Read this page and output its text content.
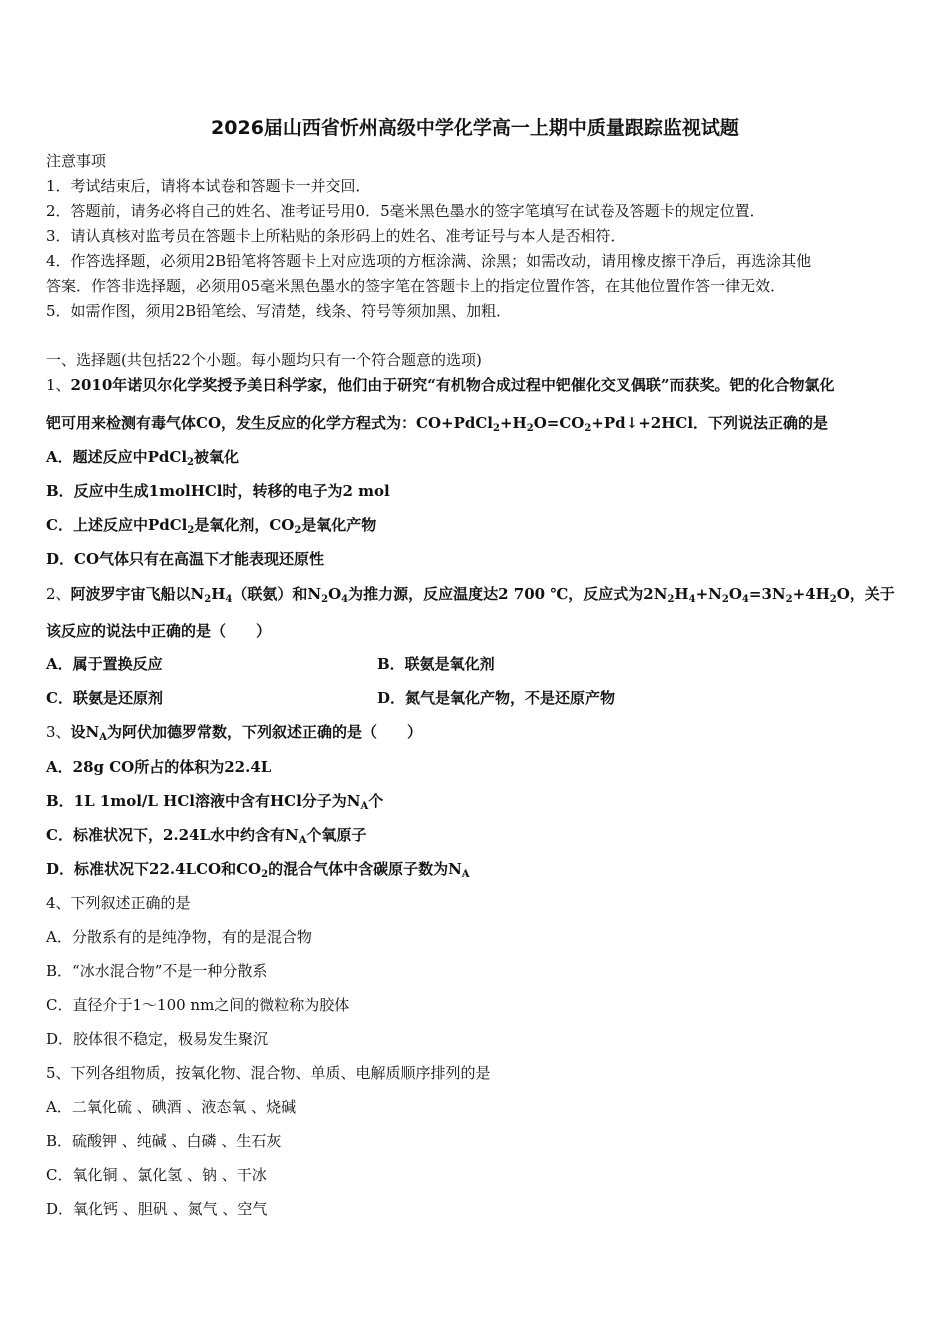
2026届山西省忻州高级中学化学高一上期中质量跟踪监视试题
注意事项
1．考试结束后，请将本试卷和答题卡一并交回．
2．答题前，请务必将自己的姓名、准考证号用0．5毫米黑色墨水的签字笔填写在试卷及答题卡的规定位置．
3．请认真核对监考员在答题卡上所粘贴的条形码上的姓名、准考证号与本人是否相符．
4．作答选择题，必须用2B铅笔将答题卡上对应选项的方框涂满、涂黑；如需改动，请用橡皮擦干净后，再选涂其他
答案．作答非选择题，必须用05毫米黑色墨水的签字笔在答题卡上的指定位置作答，在其他位置作答一律无效．
5．如需作图，须用2B铅笔绘、写清楚，线条、符号等须加黑、加粗．
一、选择题(共包括22个小题。每小题均只有一个符合题意的选项)
1、2010年诺贝尔化学奖授予美日科学家，他们由于研究“有机物合成过程中钯催化交叉偶联”而获奖。钯的化合物氯化
钯可用来检测有毒气体CO，发生反应的化学方程式为：$CO+PdCl_2+H_2O=CO_2+Pd↓+2HCl$．下列说法正确的是
A．题述反应中PdCl$_2$被氧化
B．反应中生成1molHCl时，转移的电子为2 mol
C．上述反应中PdCl$_2$是氧化剂，$CO_2$是氧化产物
D．CO气体只有在高温下才能表现还原性
2、阿波罗宇宙飞船以$N_2H_4$（联氨）和$N_2O_4$为推力源，反应温度达2 700 ℃，反应式为$2N_2H_4+N_2O_4=3N_2+4H_2O$，关于
该反应的说法中正确的是（　　）
A．属于置换反应	B．联氨是氧化剂
C．联氨是还原剂	D．氮气是氧化产物，不是还原产物
3、设$N_A$为阿伏加德罗常数，下列叙述正确的是（　　）
A．28g CO所占的体积为22.4L
B．1L 1mol/L HCl溶液中含有HCl分子为$N_A$个
C．标准状况下，2.24L水中约含有$N_A$个氧原子
D．标准状况下22.4LCO和$CO_2$的混合气体中含碳原子数为$N_A$
4、下列叙述正确的是
A．分散系有的是纯净物，有的是混合物
B．“冰水混合物”不是一种分散系
C．直径介于1～100 nm之间的微粒称为胶体
D．胶体很不稳定，极易发生聚沉
5、下列各组物质，按氧化物、混合物、单质、电解质顺序排列的是
A．二氧化硫 、碘酒 、液态氧 、烧碱
B．硫酸钾 、纯碱 、白磷 、生石灰
C．氧化铜 、氯化氢 、钠 、干冰
D．氧化钙 、胆矾 、氮气 、空气
